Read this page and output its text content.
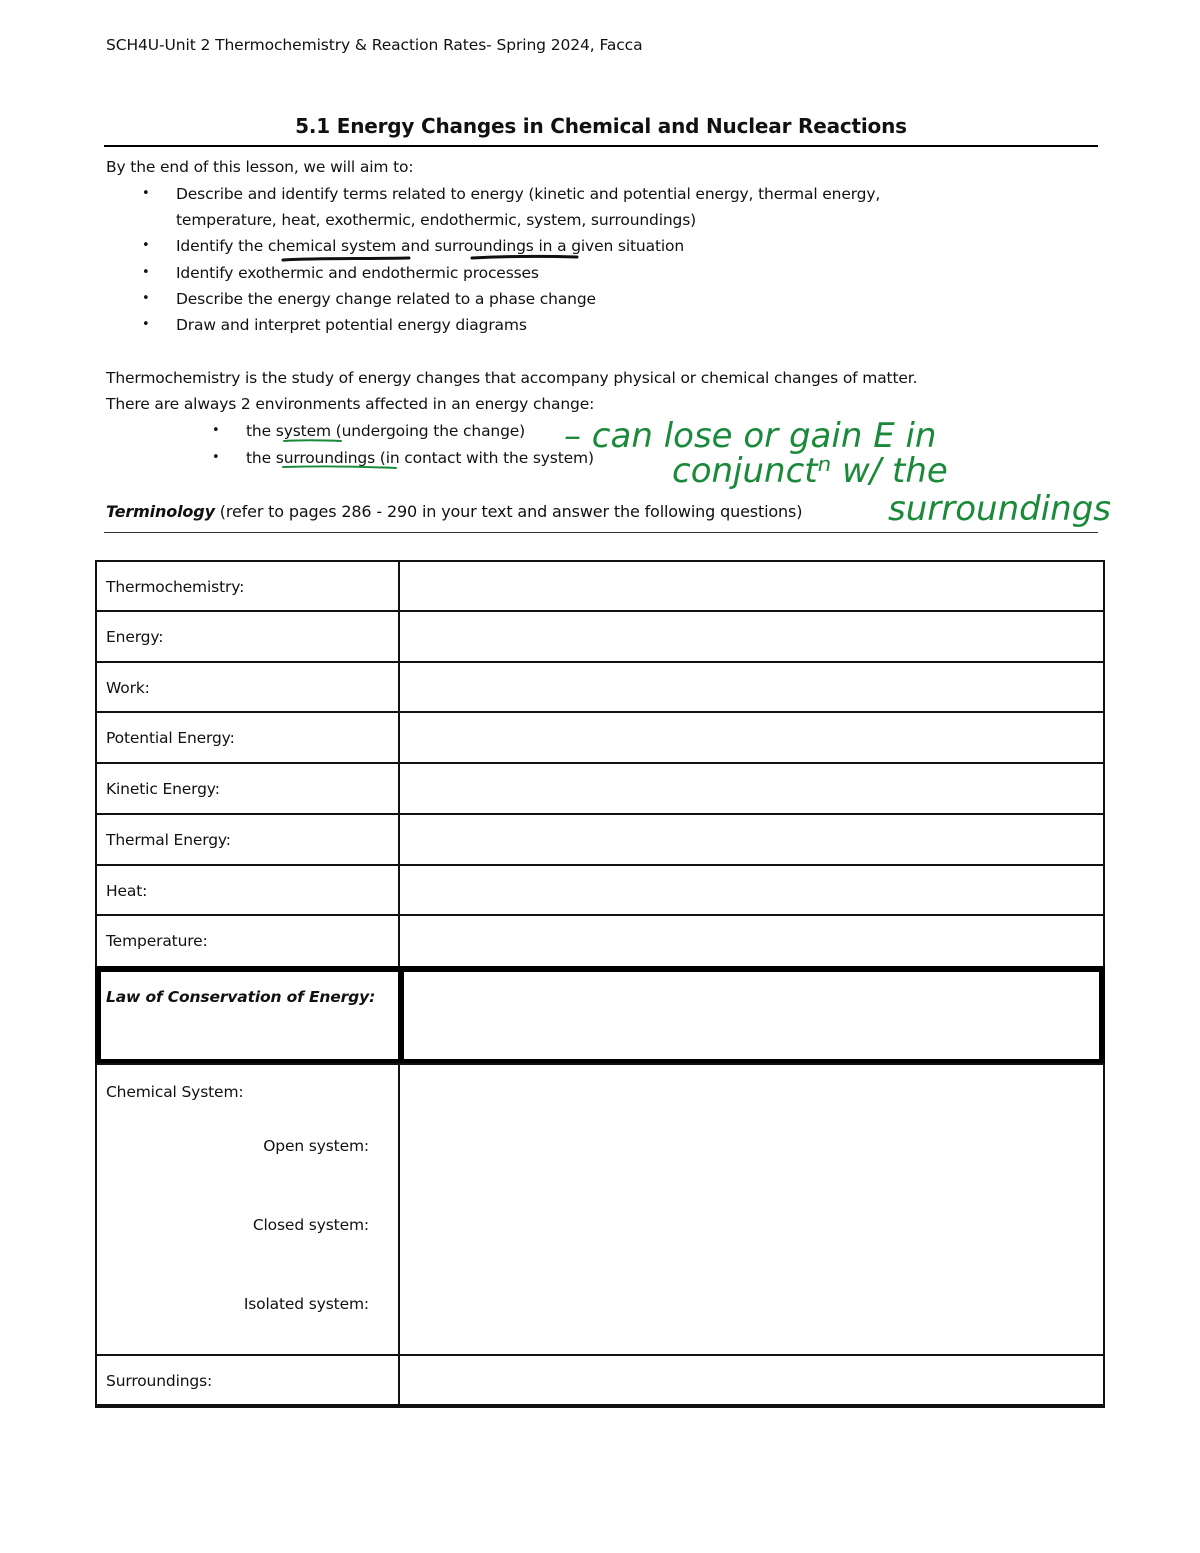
SCH4U-Unit 2 Thermochemistry & Reaction Rates- Spring 2024, Facca
5.1 Energy Changes in Chemical and Nuclear Reactions
By the end of this lesson, we will aim to:
• Describe and identify terms related to energy (kinetic and potential energy, thermal energy,
temperature, heat, exothermic, endothermic, system, surroundings)
• Identify the chemical system and surroundings in a given situation
• Identify exothermic and endothermic processes
• Describe the energy change related to a phase change
• Draw and interpret potential energy diagrams
Thermochemistry is the study of energy changes that accompany physical or chemical changes of matter.
There are always 2 environments affected in an energy change:
• the system (undergoing the change)
• the surroundings (in contact with the system)
Terminology (refer to pages 286 - 290 in your text and answer the following questions)
– can lose or gain E in
conjunctⁿ w/ the
surroundings
Thermochemistry:
Energy:
Work:
Potential Energy:
Kinetic Energy:
Thermal Energy:
Heat:
Temperature:
Law of Conservation of Energy:
Chemical System:
Open system:
Closed system:
Isolated system:
Surroundings:
